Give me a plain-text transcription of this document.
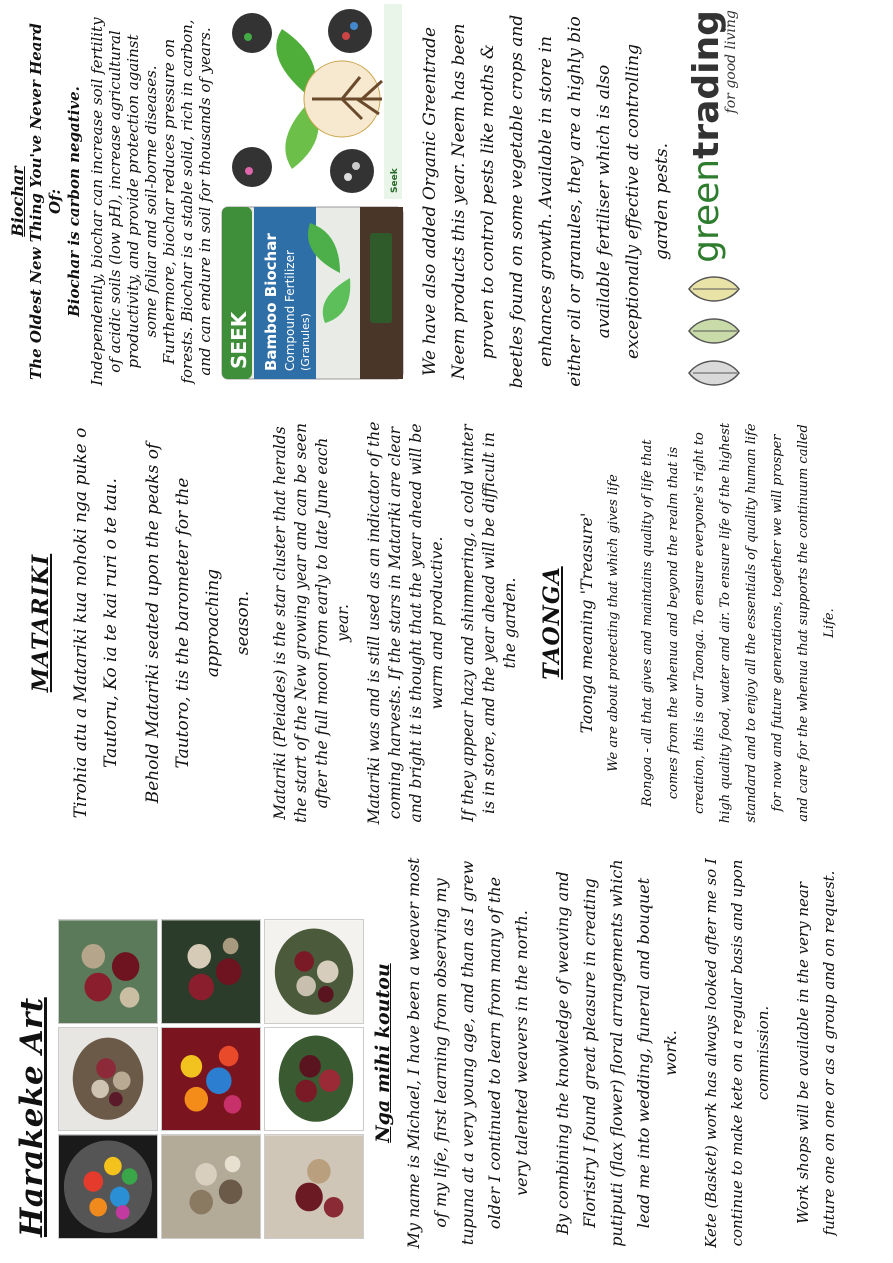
Harakeke Art	Nga mihi koutou My name is Michael, I have been a weaver most of my life, first learning from observing my tupuna at a very young age, and than as I grew older I continued to learn from many of the very talented weavers in the north. By combining the knowledge of weaving and Floristry I found great pleasure in creating putiputi (flax flower) floral arrangements which lead me into wedding, funeral and bouquet work. Kete (Basket) work has always looked after me so I continue to make kete on a regular basis and upon commission. Work shops will be available in the very near future one on one or as a group and on request.

MATARIKI Tirohia atu a Matariki kua nohoki nga puke o Tautoru, Ko ia te kai ruri o te tau. Behold Matariki seated upon the peaks of Tautoro, tis the barometer for the approaching season.	Matariki (Pleiades) is the star cluster that heralds the start of the New growing year and can be seen after the full moon from early to late June each year. Matariki was and is still used as an indicator of the coming harvests. If the stars in Matariki are clear and bright it is thought that the year ahead will be warm and productive. If they appear hazy and shimmering, a cold winter is in store, and the year ahead will be difficult in the garden. TAONGA Taonga meaning 'Treasure' We are about protecting that which gives life	Rongoa - all that gives and maintains quality of life that comes from the whenua and beyond the realm that is creation, this is our Taonga. To ensure everyone's right to high quality food, water and air. To ensure life of the highest standard and to enjoy all the essentials of quality human life for now and future generations, together we will prosper and care for the whenua that supports the continuum called Life.

Biochar The Oldest New Thing You've Never Heard Of: Biochar is carbon negative. Independently, biochar can increase soil fertility of acidic soils (low pH), increase agricultural productivity, and provide protection against some foliar and soil-borne diseases. Furthermore, biochar reduces pressure on forests. Biochar is a stable solid, rich in carbon, and can endure in soil for thousands of years. SEEK Bamboo Biochar Compound Fertilizer (Granules)
Seek We have also added Organic Greentrade Neem products this year. Neem has been proven to control pests like moths & beetles found on some vegetable crops and enhances growth. Available in store in either oil or granules, they are a highly bio available fertiliser which is also exceptionally effective at controlling garden pests. greentrading
for good living
